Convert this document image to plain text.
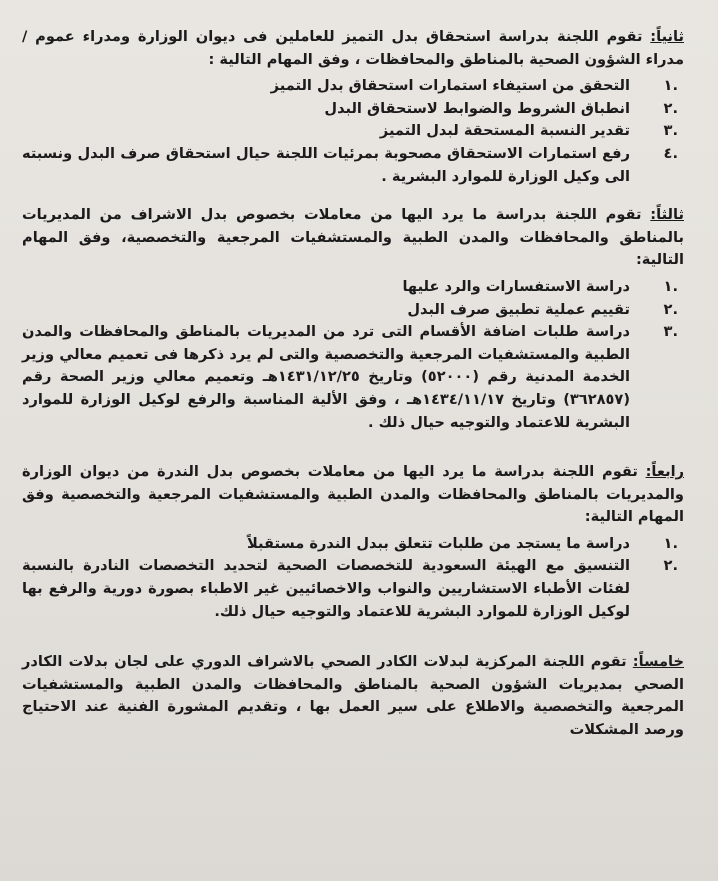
ثانياً: تقوم اللجنة بدراسة استحقاق بدل التميز للعاملين فى ديوان الوزارة ومدراء عموم / مدراء الشؤون الصحية بالمناطق والمحافظات ، وفق المهام التالية :

.١
التحقق من استيفاء استمارات استحقاق بدل التميز
.٢
انطباق الشروط والضوابط لاستحقاق البدل
.٣
تقدير النسبة المستحقة لبدل التميز
.٤
رفع استمارات الاستحقاق مصحوبة بمرئيات اللجنة حيال استحقاق صرف البدل ونسبته الى وكيل الوزارة للموارد البشرية .

ثالثاً: تقوم اللجنة بدراسة ما يرد اليها من معاملات بخصوص بدل الاشراف من المديريات بالمناطق والمحافظات والمدن الطبية والمستشفيات المرجعية والتخصصية، وفق المهام التالية:

.١
دراسة الاستفسارات والرد عليها
.٢
تقييم عملية تطبيق صرف البدل
.٣
دراسة طلبات اضافة الأقسام التى ترد من المديريات بالمناطق والمحافظات والمدن الطبية والمستشفيات المرجعية والتخصصية والتى لم يرد ذكرها فى تعميم معالي وزير الخدمة المدنية رقم (٥٢٠٠٠) وتاريخ ١٤٣١/١٢/٢٥هـ وتعميم معالي وزير الصحة رقم (٣٦٢٨٥٧) وتاريخ ١٤٣٤/١١/١٧هـ ، وفق الألية المناسبة والرفع لوكيل الوزارة للموارد البشرية للاعتماد والتوجيه حيال ذلك .

رابعاً: تقوم اللجنة بدراسة ما يرد اليها من معاملات بخصوص بدل الندرة من ديوان الوزارة والمديريات بالمناطق والمحافظات والمدن الطبية والمستشفيات المرجعية والتخصصية وفق المهام التالية:

.١
دراسة ما يستجد من طلبات تتعلق ببدل الندرة مستقبلاً
.٢
التنسيق مع الهيئة السعودية للتخصصات الصحية لتحديد التخصصات النادرة بالنسبة لفئات الأطباء الاستشاريين والنواب والاخصائيين غير الاطباء بصورة دورية والرفع بها لوكيل الوزارة للموارد البشرية للاعتماد والتوجيه حيال ذلك.

خامساً: تقوم اللجنة المركزية لبدلات الكادر الصحي بالاشراف الدوري على لجان بدلات الكادر الصحي بمديريات الشؤون الصحية بالمناطق والمحافظات والمدن الطبية والمستشفيات المرجعية والتخصصية والاطلاع على سير العمل بها ، وتقديم المشورة الفنية عند الاحتياج ورصد المشكلات
